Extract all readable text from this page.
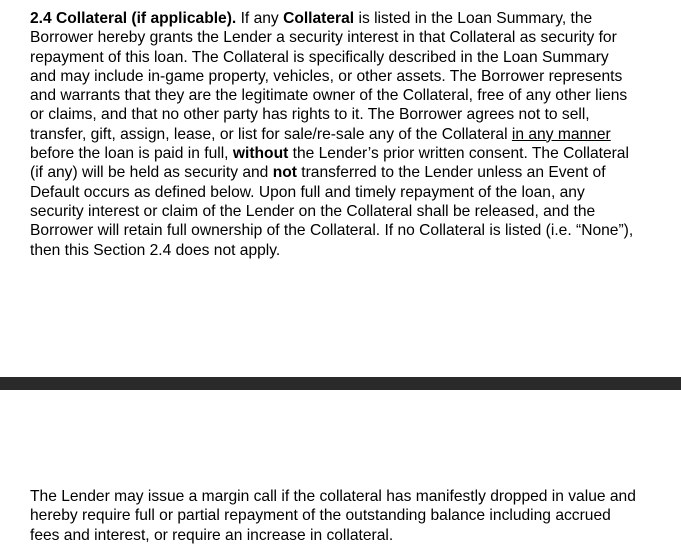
2.4 Collateral (if applicable). If any Collateral is listed in the Loan Summary, the
Borrower hereby grants the Lender a security interest in that Collateral as security for
repayment of this loan. The Collateral is specifically described in the Loan Summary
and may include in-game property, vehicles, or other assets. The Borrower represents
and warrants that they are the legitimate owner of the Collateral, free of any other liens
or claims, and that no other party has rights to it. The Borrower agrees not to sell,
transfer, gift, assign, lease, or list for sale/re-sale any of the Collateral in any manner
before the loan is paid in full, without the Lender’s prior written consent. The Collateral
(if any) will be held as security and not transferred to the Lender unless an Event of
Default occurs as defined below. Upon full and timely repayment of the loan, any
security interest or claim of the Lender on the Collateral shall be released, and the
Borrower will retain full ownership of the Collateral. If no Collateral is listed (i.e. “None”),
then this Section 2.4 does not apply.

The Lender may issue a margin call if the collateral has manifestly dropped in value and
hereby require full or partial repayment of the outstanding balance including accrued
fees and interest, or require an increase in collateral.
